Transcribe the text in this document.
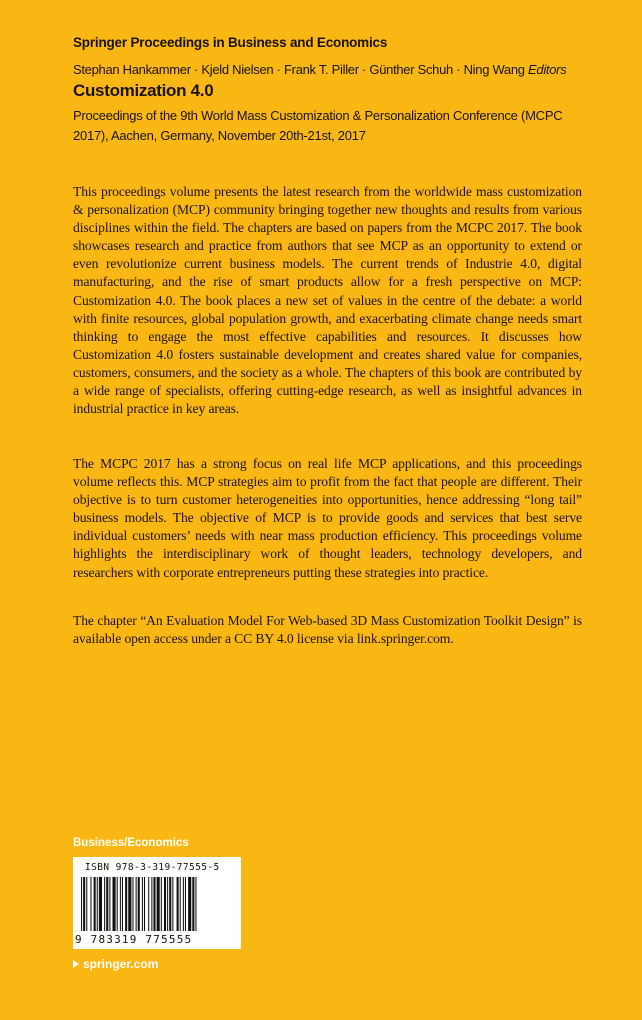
Springer Proceedings in Business and Economics
Stephan Hankammer · Kjeld Nielsen · Frank T. Piller · Günther Schuh · Ning Wang Editors
Customization 4.0
Proceedings of the 9th World Mass Customization & Personalization Conference (MCPC 2017), Aachen, Germany, November 20th-21st, 2017

This proceedings volume presents the latest research from the worldwide mass customization & personalization (MCP) community bringing together new thoughts and results from various disciplines within the field. The chapters are based on papers from the MCPC 2017. The book showcases research and practice from authors that see MCP as an opportunity to extend or even revolutionize current business models. The current trends of Industrie 4.0, digital manufacturing, and the rise of smart products allow for a fresh perspective on MCP: Customization 4.0. The book places a new set of values in the centre of the debate: a world with finite resources, global population growth, and exacerbating climate change needs smart thinking to engage the most effective capabilities and resources. It discusses how Customization 4.0 fosters sustainable development and creates shared value for companies, customers, consumers, and the society as a whole. The chapters of this book are contributed by a wide range of specialists, offering cutting-edge research, as well as insightful advances in industrial practice in key areas.

The MCPC 2017 has a strong focus on real life MCP applications, and this proceedings volume reflects this. MCP strategies aim to profit from the fact that people are different. Their objective is to turn customer heterogeneities into opportunities, hence addressing “long tail” business models. The objective of MCP is to provide goods and services that best serve individual customers’ needs with near mass production efficiency. This proceedings volume highlights the interdisciplinary work of thought leaders, technology developers, and researchers with corporate entrepreneurs putting these strategies into practice.

The chapter “An Evaluation Model For Web-based 3D Mass Customization Toolkit Design” is available open access under a CC BY 4.0 license via link.springer.com.

Business/Economics
ISBN 978-3-319-77555-5
9 783319 775555
springer.com
